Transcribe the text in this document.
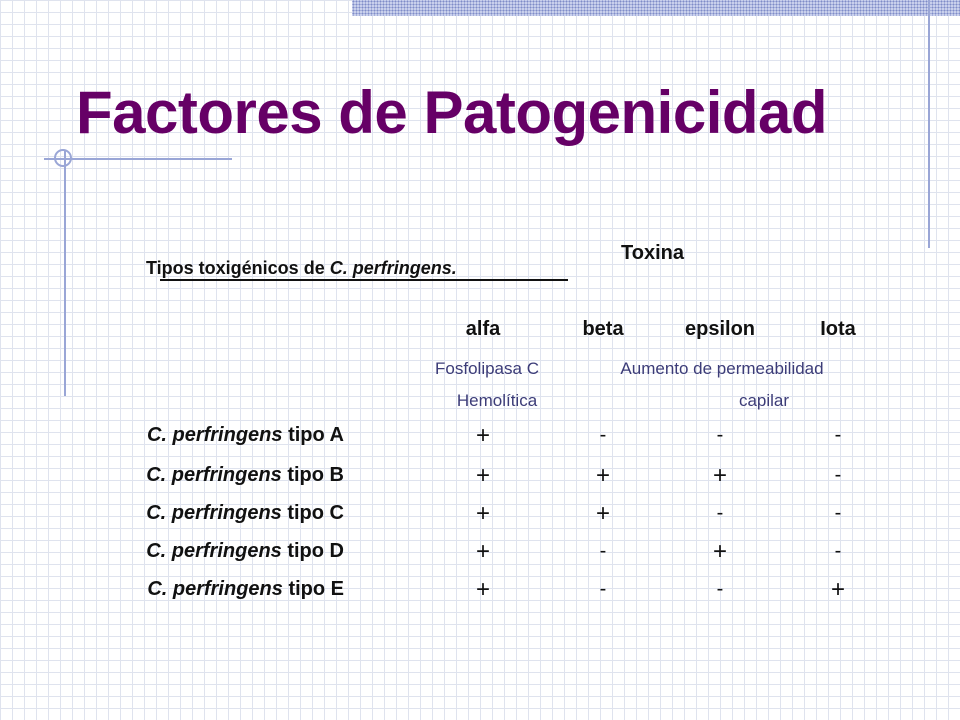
Factores de Patogenicidad
Tipos toxigénicos de C. perfringens.
Toxina
alfa	beta	epsilon	Iota
Fosfolipasa C
Hemolítica
Aumento de permeabilidad
capilar
C. perfringens tipo A	+	-	-	-
C. perfringens tipo B	+	+	+	-
C. perfringens tipo C	+	+	-	-
C. perfringens tipo D	+	-	+	-
C. perfringens tipo E	+	-	-	+
